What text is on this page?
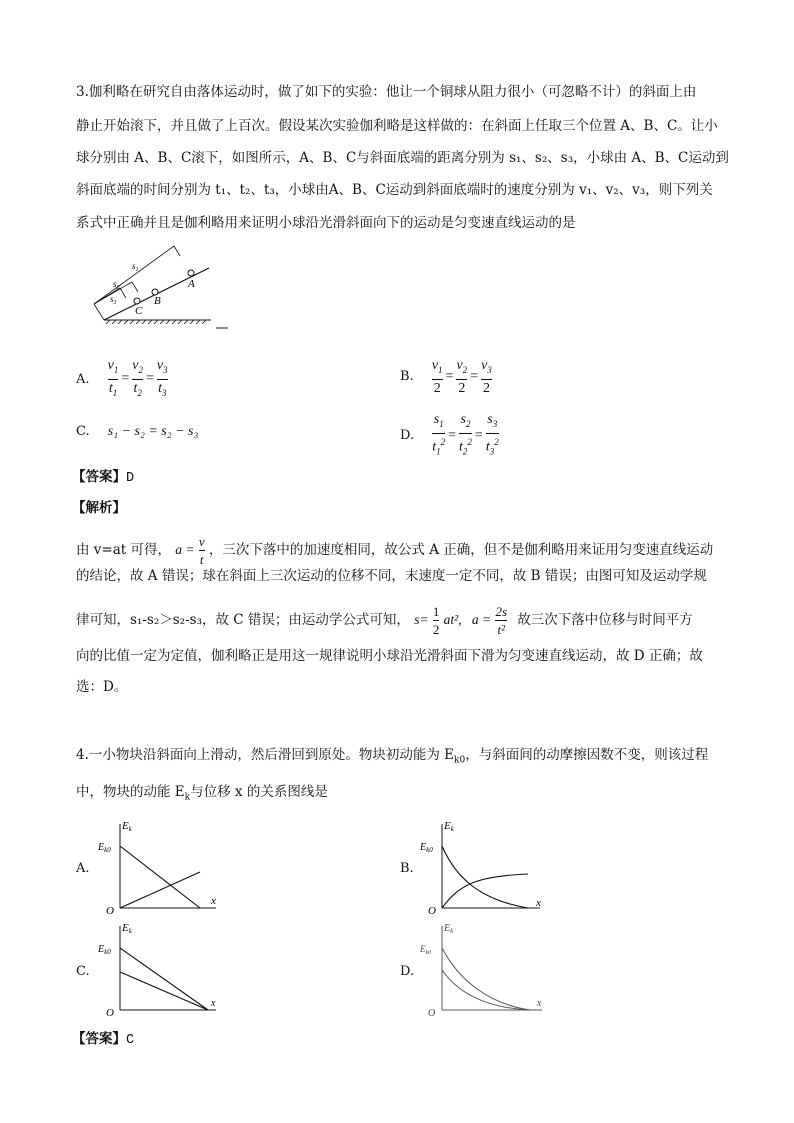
3.伽利略在研究自由落体运动时，做了如下的实验：他让一个铜球从阻力很小（可忽略不计）的斜面上由
静止开始滚下，并且做了上百次。假设某次实验伽利略是这样做的：在斜面上任取三个位置 A、B、C。让小
球分别由 A、B、C滚下，如图所示，A、B、C与斜面底端的距离分别为 s₁、s₂、s₃，小球由 A、B、C运动到
斜面底端的时间分别为 t₁、t₂、t₃，小球由A、B、C运动到斜面底端时的速度分别为 v₁、v₂、v₃，则下列关
系式中正确并且是伽利略用来证明小球沿光滑斜面向下的运动是匀变速直线运动的是
$s_1$
$s_2$
$s_3$
A
B
C
A. $\frac{v_1}{t_1} = \frac{v_2}{t_2} = \frac{v_3}{t_3}$	B. $\frac{v_1}{2} = \frac{v_2}{2} = \frac{v_3}{2}$
C. s₁ − s₂ = s₂ − s₃	D. $\frac{s_1}{t_1^2} = \frac{s_2}{t_2^2} = \frac{s_3}{t_3^2}$
【答案】D
【解析】
由 v=at 可得， $a = \frac{v}{t}$ ，三次下落中的加速度相同，故公式 A 正确，但不是伽利略用来证用匀变速直线运动
的结论，故 A 错误；球在斜面上三次运动的位移不同，末速度一定不同，故 B 错误；由图可知及运动学规
律可知，s₁-s₂＞s₂-s₃，故 C 错误；由运动学公式可知， $s= \frac{1}{2} at^2$, $a = \frac{2s}{\text{t²}}$ 故三次下落中位移与时间平方
向的比值一定为定值，伽利略正是用这一规律说明小球沿光滑斜面下滑为匀变速直线运动，故 D 正确；故
选：D。
4.一小物块沿斜面向上滑动，然后滑回到原处。物块初动能为 $E_{k0}$，与斜面间的动摩擦因数不变，则该过程
中，物块的动能 $E_k$与位移 x 的关系图线是
A.	B.
C.	D.
Ek
$E_{k0}$
O
x
Ek
$E_{k0}$
O
x
Ek
$E_{k0}$
O
x
$E_k$
$E_{k0}$
O
x
【答案】C
